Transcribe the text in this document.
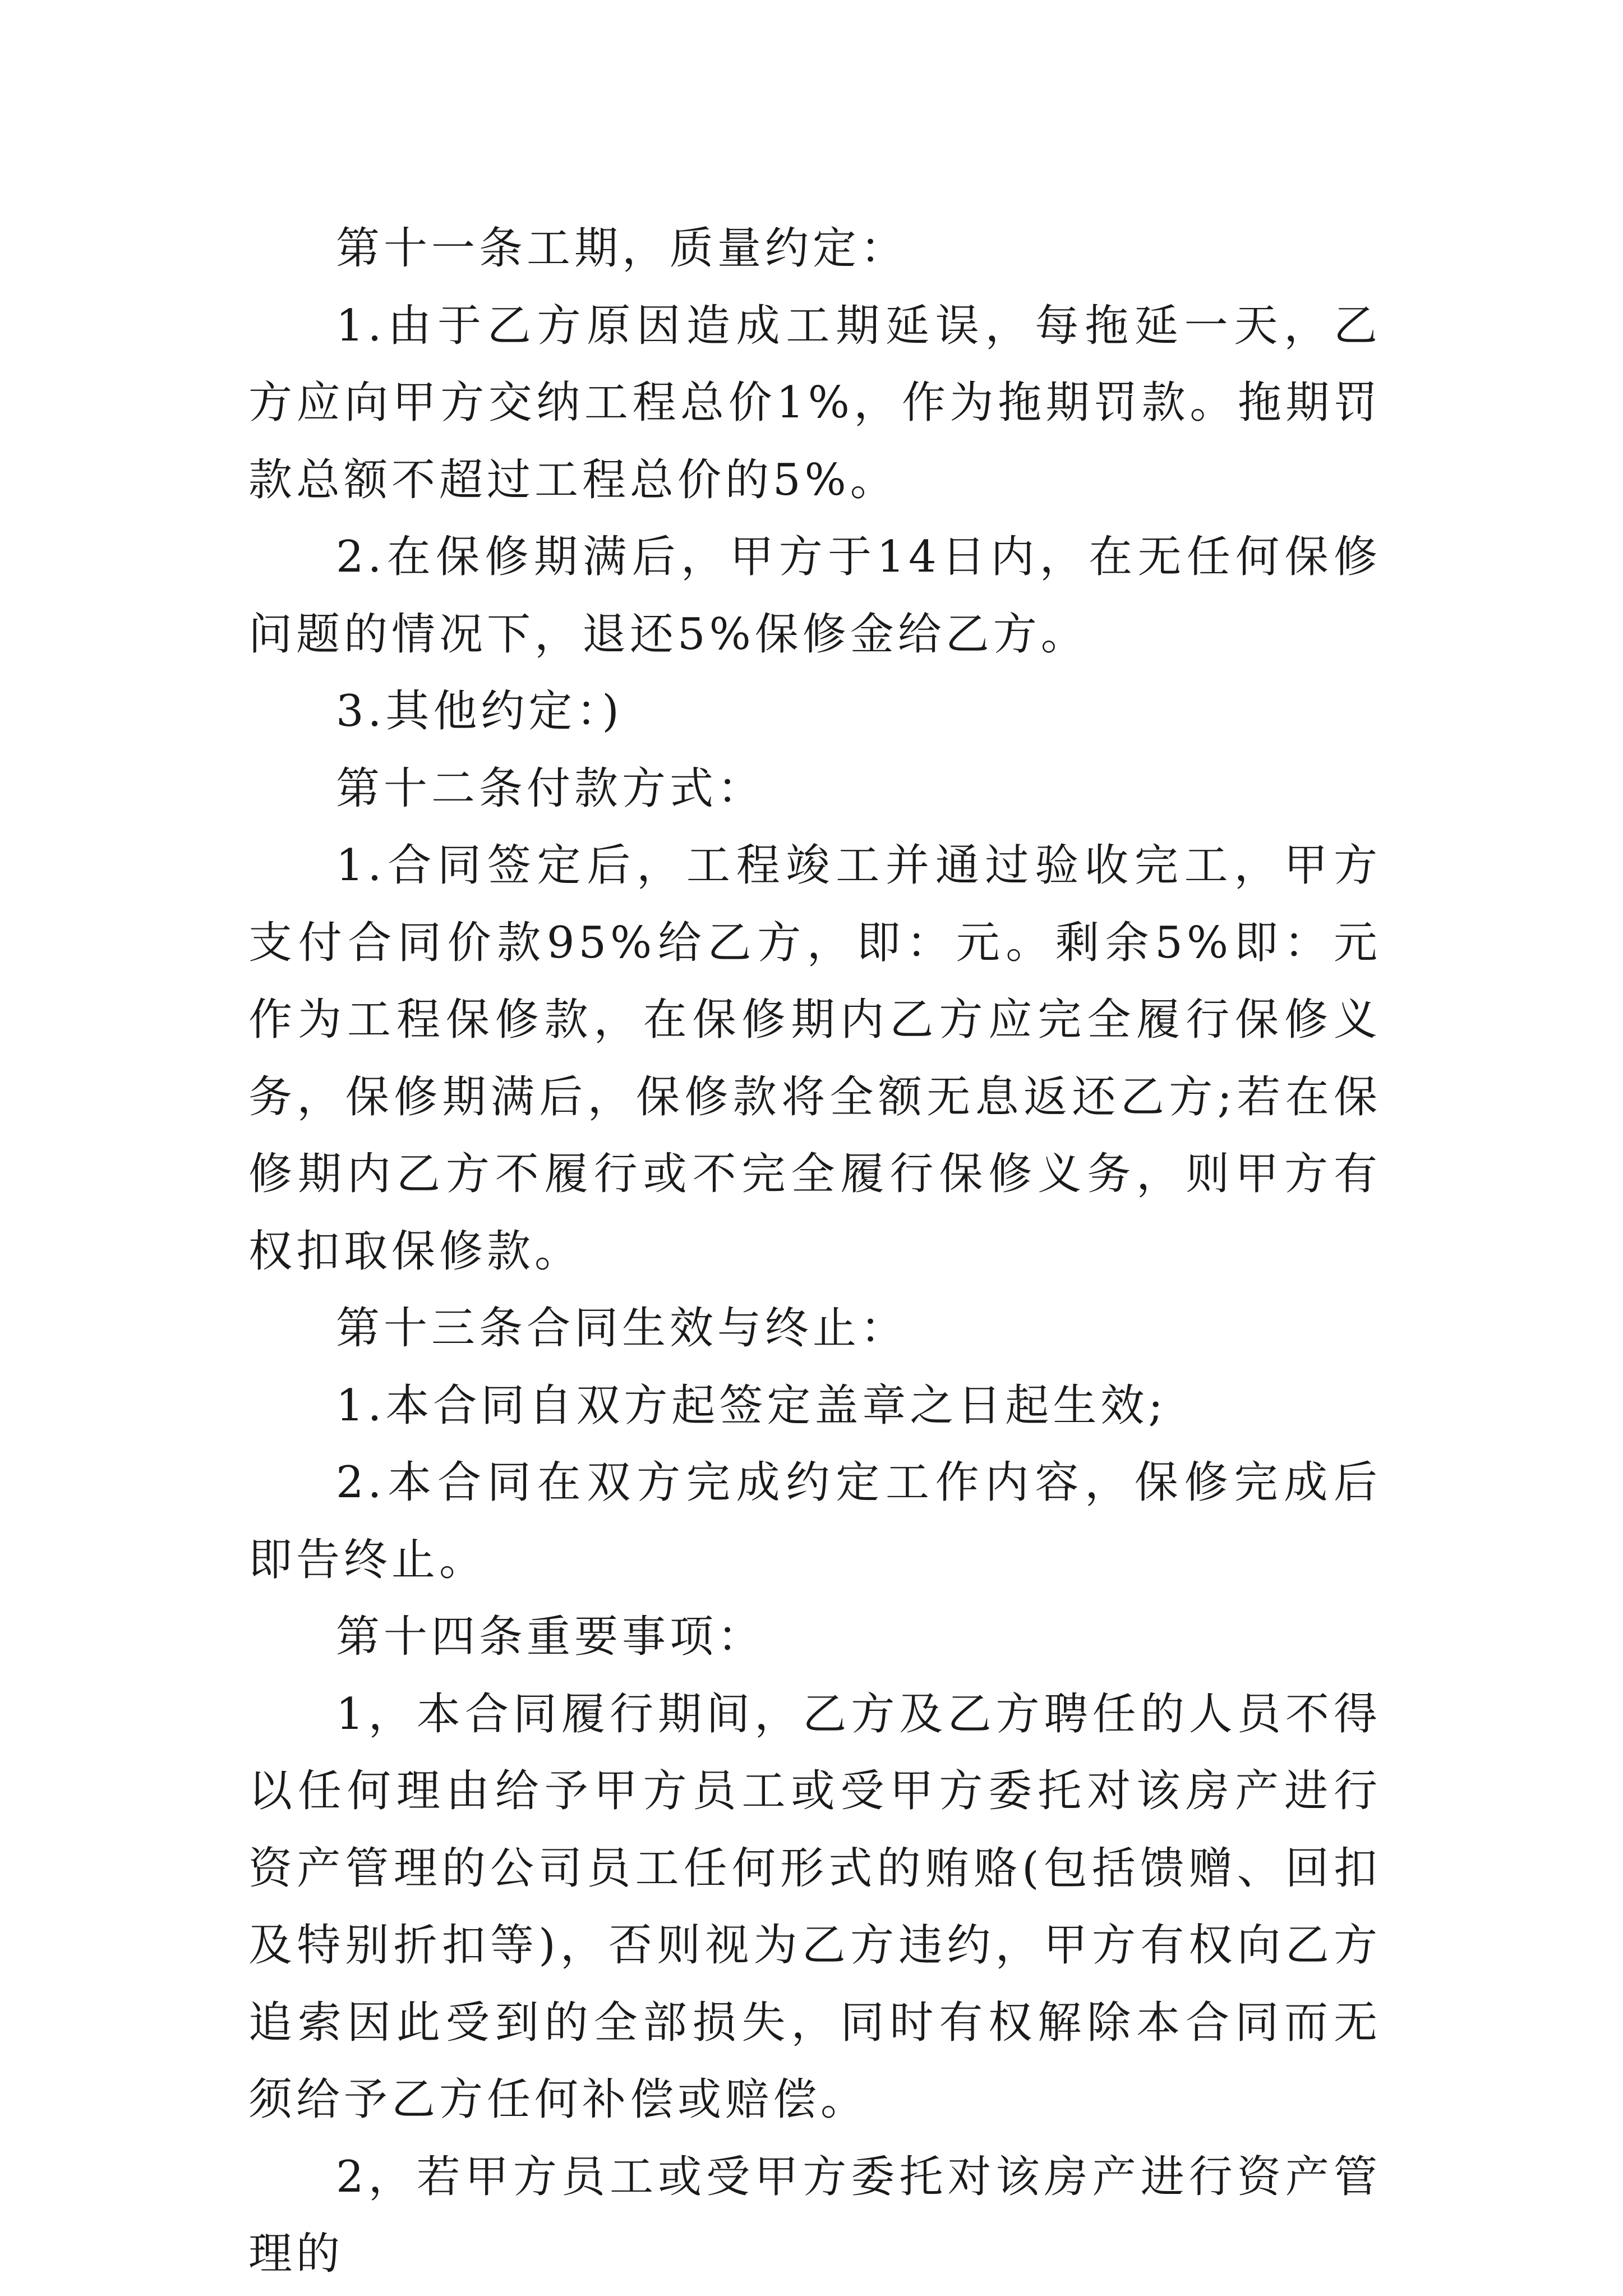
第十一条工期，质量约定：

1.由于乙方原因造成工期延误，每拖延一天，乙方应向甲方交纳工程总价1%，作为拖期罚款。拖期罚款总额不超过工程总价的5%。

2.在保修期满后，甲方于14日内，在无任何保修问题的情况下，退还5%保修金给乙方。

3.其他约定：)

第十二条付款方式：

1.合同签定后，工程竣工并通过验收完工，甲方支付合同价款95%给乙方，即：元。剩余5%即：元作为工程保修款，在保修期内乙方应完全履行保修义务，保修期满后，保修款将全额无息返还乙方;若在保修期内乙方不履行或不完全履行保修义务，则甲方有权扣取保修款。

第十三条合同生效与终止：

1.本合同自双方起签定盖章之日起生效;

2.本合同在双方完成约定工作内容，保修完成后即告终止。

第十四条重要事项：

1，本合同履行期间，乙方及乙方聘任的人员不得以任何理由给予甲方员工或受甲方委托对该房产进行资产管理的公司员工任何形式的贿赂(包括馈赠、回扣及特别折扣等)，否则视为乙方违约，甲方有权向乙方追索因此受到的全部损失，同时有权解除本合同而无须给予乙方任何补偿或赔偿。

2，若甲方员工或受甲方委托对该房产进行资产管理的
